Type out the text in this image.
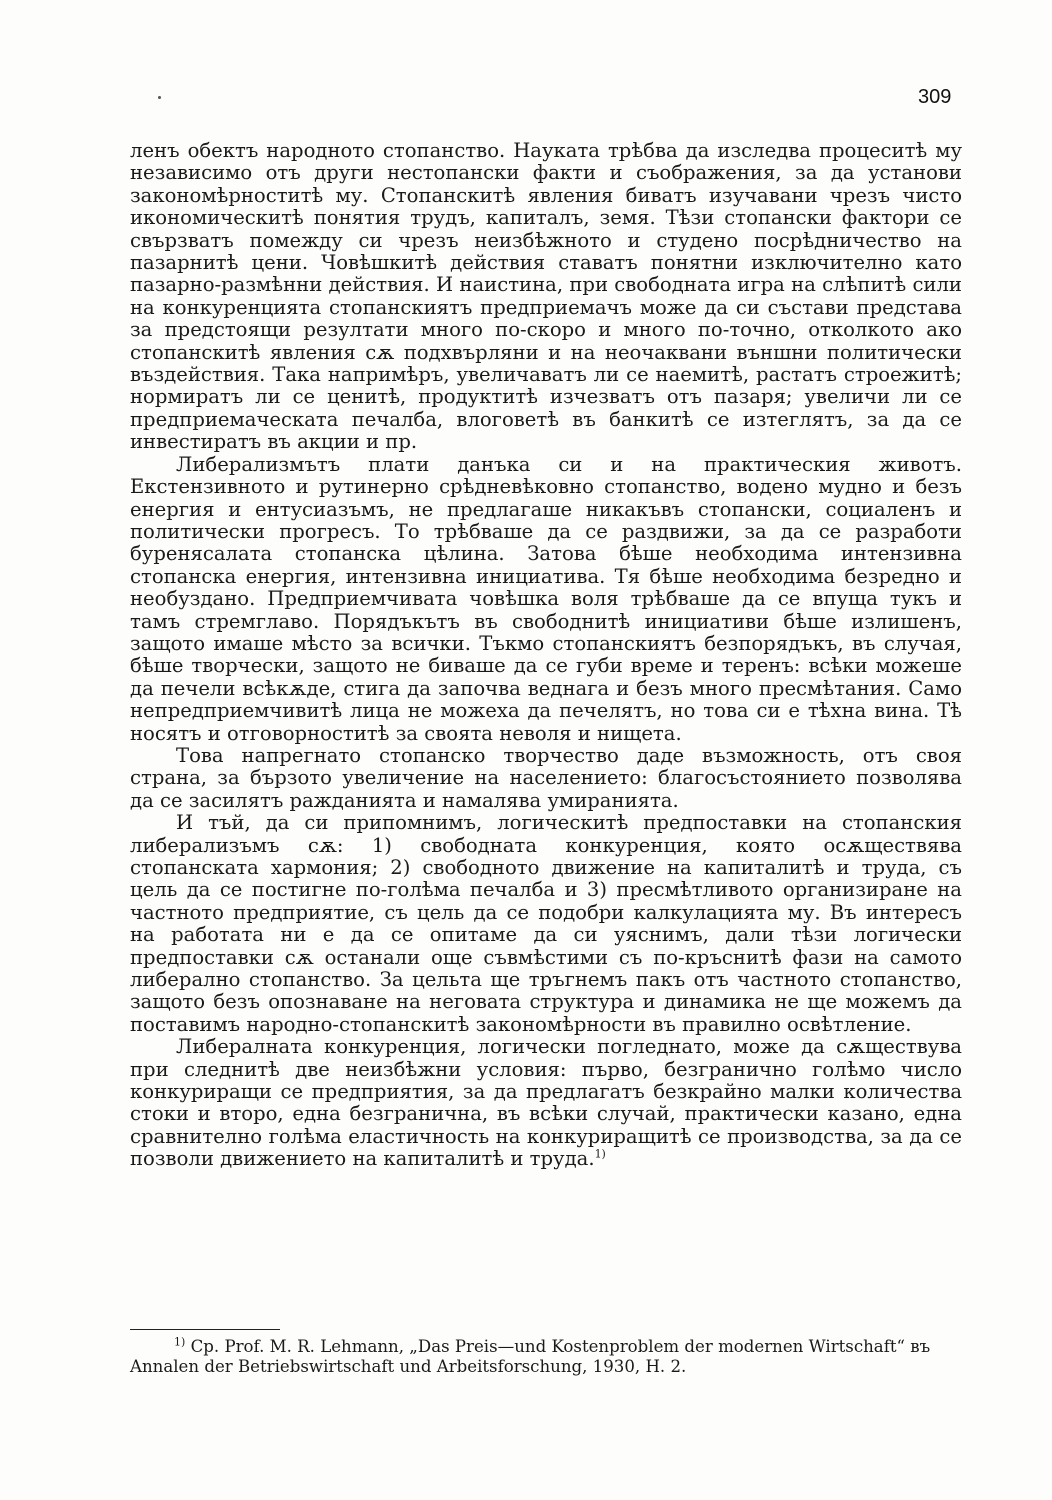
309

ленъ обектъ народното стопанство. Науката трѣбва да изследва процеситѣ му независимо отъ други нестопански факти и съображения, за да установи закономѣрноститѣ му. Стопанскитѣ явления биватъ изучавани чрезъ чисто икономическитѣ понятия трудъ, капиталъ, земя. Тѣзи стопански фактори се свързватъ помежду си чрезъ неизбѣжното и студено посрѣдничество на пазарнитѣ цени. Човѣшкитѣ действия ставатъ понятни изключително като пазарно-размѣнни действия. И наистина, при свободната игра на слѣпитѣ сили на конкуренцията стопанскиятъ предприемачъ може да си състави представа за предстоящи резултати много по-скоро и много по-точно, отколкото ако стопанскитѣ явления сѫ подхвърляни и на неочаквани външни политически въздействия. Така напримѣръ, увеличаватъ ли се наемитѣ, растатъ строежитѣ; нормиратъ ли се ценитѣ, продуктитѣ изчезватъ отъ пазаря; увеличи ли се предприемаческата печалба, влоговетѣ въ банкитѣ се изтеглятъ, за да се инвестиратъ въ акции и пр.

Либерализмътъ плати данъка си и на практическия животъ. Екстензивното и рутинерно срѣдневѣковно стопанство, водено мудно и безъ енергия и ентусиазъмъ, не предлагаше никакъвъ стопански, социаленъ и политически прогресъ. То трѣбваше да се раздвижи, за да се разработи буренясалата стопанска цѣлина. Затова бѣше необходима интензивна стопанска енергия, интензивна инициатива. Тя бѣше необходима безредно и необуздано. Предприемчивата човѣшка воля трѣбваше да се впуща тукъ и тамъ стремглаво. Порядъкътъ въ свободнитѣ инициативи бѣше излишенъ, защото имаше мѣсто за всички. Тъкмо стопанскиятъ безпорядъкъ, въ случая, бѣше творчески, защото не биваше да се губи време и теренъ: всѣки можеше да печели всѣкѫде, стига да започва веднага и безъ много пресмѣтания. Само непредприемчивитѣ лица не можеха да печелятъ, но това си е тѣхна вина. Тѣ носятъ и отговорноститѣ за своята неволя и нищета.

Това напрегнато стопанско творчество даде възможность, отъ своя страна, за бързото увеличение на населението: благосъстоянието позволява да се засилятъ ражданията и намалява умиранията.

И тъй, да си припомнимъ, логическитѣ предпоставки на стопанския либерализъмъ сѫ: 1) свободната конкуренция, която осѫществява стопанската хармония; 2) свободното движение на капиталитѣ и труда, съ цель да се постигне по-голѣма печалба и 3) пресмѣтливото организиране на частното предприятие, съ цель да се подобри калкулацията му. Въ интересъ на работата ни е да се опитаме да си уяснимъ, дали тѣзи логически предпоставки сѫ останали още съвмѣстими съ по-кръснитѣ фази на самото либерално стопанство. За цельта ще тръгнемъ пакъ отъ частното стопанство, защото безъ опознаване на неговата структура и динамика не ще можемъ да поставимъ народно-стопанскитѣ закономѣрности въ правилно освѣтление.

Либералната конкуренция, логически погледнато, може да сѫществува при следнитѣ две неизбѣжни условия: първо, безгранично голѣмо число конкуриращи се предприятия, за да предлагатъ безкрайно малки количества стоки и второ, една безгранична, въ всѣки случай, практически казано, една сравнително голѣма еластичность на конкуриращитѣ се производства, за да се позволи движението на капиталитѣ и труда.$^{1)}$

$^{1)}$ Ср. Prof. M. R. Lehmann, „Das Preis—und Kostenproblem der modernen Wirtschaft“ въ Annalen der Betriebswirtschaft und Arbeitsforschung, 1930, H. 2.
